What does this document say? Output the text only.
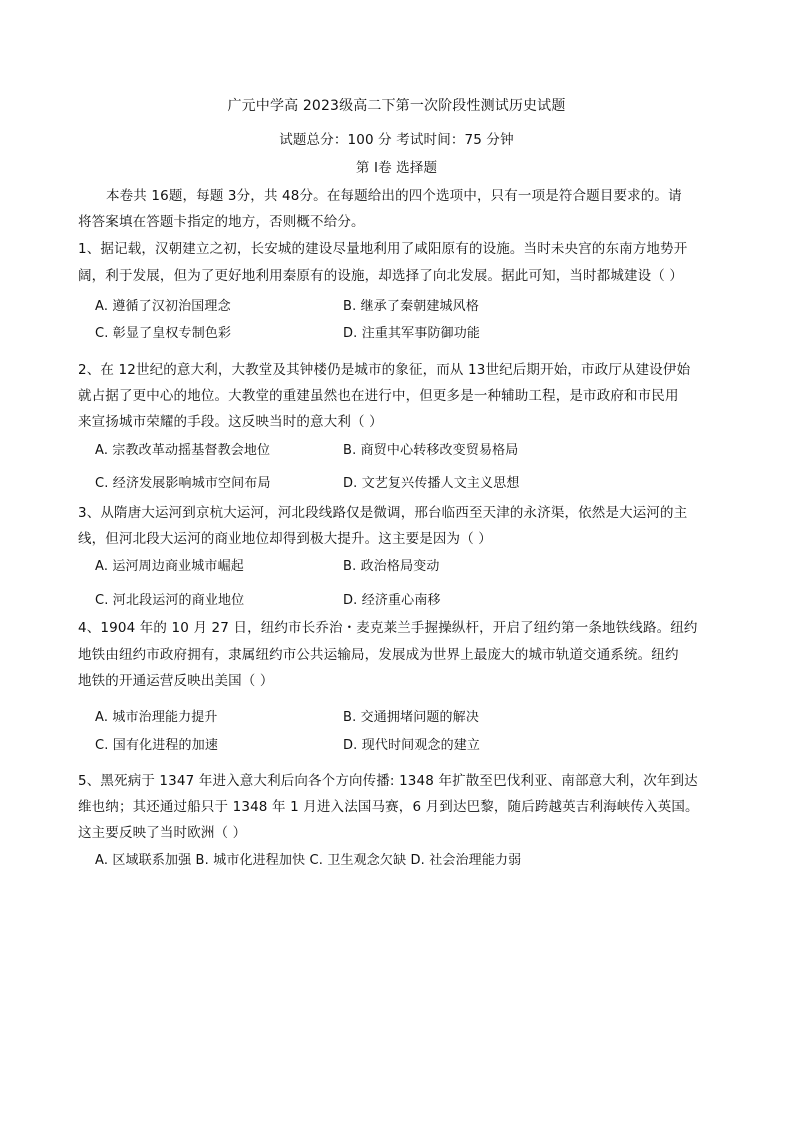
广元中学高 2023级高二下第一次阶段性测试历史试题
试题总分：100 分 考试时间：75 分钟
第 I卷 选择题
本卷共 16题，每题 3分，共 48分。在每题给出的四个选项中，只有一项是符合题目要求的。请
将答案填在答题卡指定的地方，否则概不给分。
1、据记载，汉朝建立之初，长安城的建设尽量地利用了咸阳原有的设施。当时未央宫的东南方地势开
阔，利于发展，但为了更好地利用秦原有的设施，却选择了向北发展。据此可知，当时都城建设（ ）
A. 遵循了汉初治国理念	B. 继承了秦朝建城风格
C. 彰显了皇权专制色彩	D. 注重其军事防御功能
2、在 12世纪的意大利，大教堂及其钟楼仍是城市的象征，而从 13世纪后期开始，市政厅从建设伊始
就占据了更中心的地位。大教堂的重建虽然也在进行中，但更多是一种辅助工程，是市政府和市民用
来宣扬城市荣耀的手段。这反映当时的意大利（ ）
A. 宗教改革动摇基督教会地位	B. 商贸中心转移改变贸易格局
C. 经济发展影响城市空间布局	D. 文艺复兴传播人文主义思想
3、从隋唐大运河到京杭大运河，河北段线路仅是微调，邢台临西至天津的永济渠，依然是大运河的主
线，但河北段大运河的商业地位却得到极大提升。这主要是因为（ ）
A. 运河周边商业城市崛起	B. 政治格局变动
C. 河北段运河的商业地位	D. 经济重心南移
4、1904 年的 10 月 27 日，纽约市长乔治・麦克莱兰手握操纵杆，开启了纽约第一条地铁线路。纽约
地铁由纽约市政府拥有，隶属纽约市公共运输局，发展成为世界上最庞大的城市轨道交通系统。纽约
地铁的开通运营反映出美国（ ）
A. 城市治理能力提升	B. 交通拥堵问题的解决
C. 国有化进程的加速	D. 现代时间观念的建立
5、黑死病于 1347 年进入意大利后向各个方向传播: 1348 年扩散至巴伐利亚、南部意大利，次年到达
维也纳；其还通过船只于 1348 年 1 月进入法国马赛，6 月到达巴黎，随后跨越英吉利海峡传入英国。
这主要反映了当时欧洲（ ）
A. 区域联系加强 B. 城市化进程加快 C. 卫生观念欠缺 D. 社会治理能力弱
